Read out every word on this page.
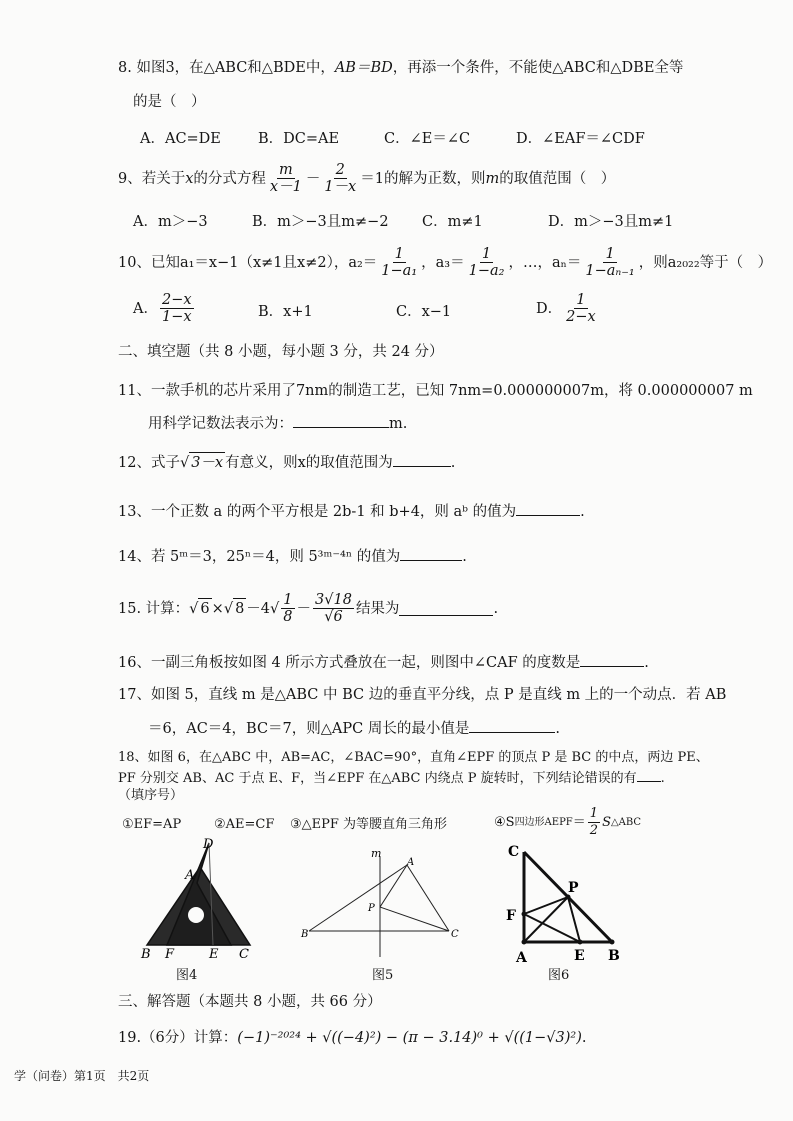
8. 如图3，在△ABC和△BDE中，AB＝BD，再添一个条件，不能使△ABC和△DBE全等
的是（　）
A．AC=DE	B．DC=AE	C．∠E＝∠C	D．∠EAF＝∠CDF
9、若关于 x 的分式方程 $\frac{m}{x-1} - \frac{2}{1-x} =1$的解为正数，则 m 的取值范围（　）
A．m＞−3	B．m＞−3且m≠−2 C．m≠1	D．m＞−3且m≠1
10、已知 a₁＝x−1（x≠1且x≠2）， $a_2= \frac{1}{\text{1−a₁}}$ ，$a_3= \frac{1}{\text{1−a₂}}$ ，…，$a_n= \frac{1}{\text{1−aₙ₋₁}}$ ，则a₂₀₂₂等于（　）
A． $\frac{2-x}{1-x}$	B．x+1	C．x−1	D． $\frac{1}{2-x}$
二、填空题（共 8 小题，每小题 3 分，共 24 分）
11、一款手机的芯片采用了7nm的制造工艺，已知 7nm=0.000000007m，将 0.000000007 m
用科学记数法表示为：	m.
12、式子√ 3－x 有意义，则x的取值范围为	.
13、一个正数 a 的两个平方根是 2b-1 和 b+4，则 aᵇ 的值为	.
14、若 5ᵐ＝3，25ⁿ＝4，则 5³ᵐ⁻⁴ⁿ 的值为	.
15. 计算： √ 6 × √ 8 －4 √ $\frac{1}{8} - \frac{3√18}{√6}$ 结果为	.
16、一副三角板按如图 4 所示方式叠放在一起，则图中∠CAF 的度数是	.
17、如图 5，直线 m 是△ABC 中 BC 边的垂直平分线，点 P 是直线 m 上的一个动点．若 AB
＝6，AC＝4，BC＝7，则△APC 周长的最小值是	.
18、如图 6，在△ABC 中，AB=AC，∠BAC=90°，直角∠EPF 的顶点 P 是 BC 的中点，两边 PE、
PF 分别交 AB、AC 于点 E、F，当∠EPF 在△ABC 内绕点 P 旋转时，下列结论错误的有 .
（填序号）
①EF=AP	②AE=CF ③△EPF 为等腰直角三角形	④S 四边形AEPF ＝ $\frac{1}{2}$ S △ABC
D
A
B F	E C
图4
m
A
P
B	C
图5
C
P
F
A	E B
图6
三、解答题（本题共 8 小题，共 66 分）
19.（6分）计算：(−1)⁻²⁰²⁴ + √((−4)²) − (π − 3.14)⁰ + √((1−√3)²).
学（问卷）第1页　共2页
